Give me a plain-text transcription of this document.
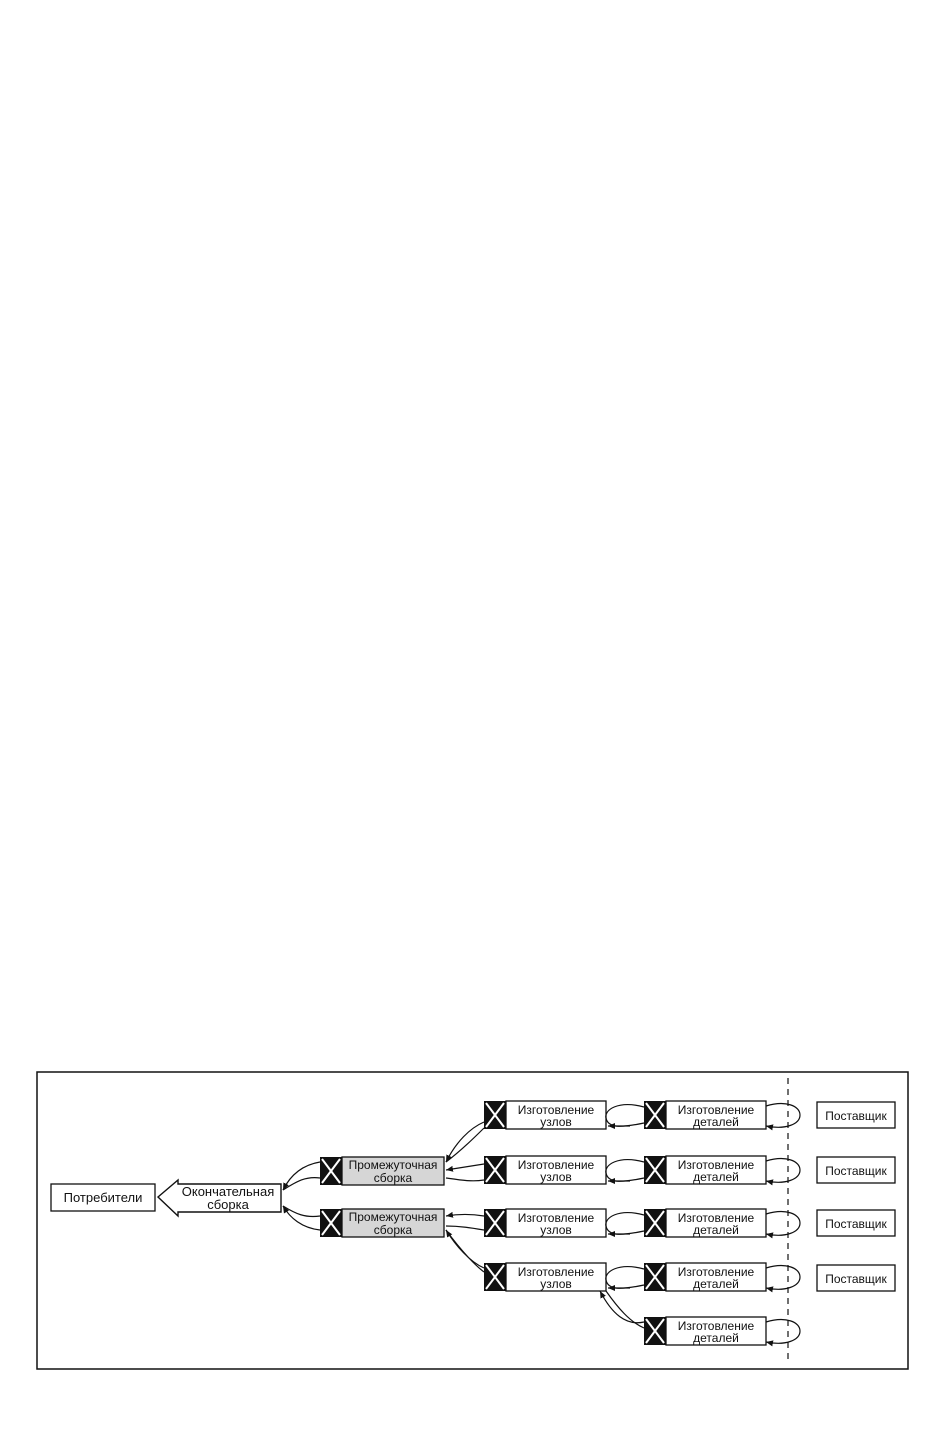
Потребители	Окончательная
сборка
Промежуточная
сборка
Промежуточная
сборка
Изготовление
узлов
Изготовление
узлов
Изготовление
узлов
Изготовление
узлов
Изготовление
деталей
Изготовление
деталей
Изготовление
деталей
Изготовление
деталей
Изготовление
деталей
Поставщик
Поставщик
Поставщик
Поставщик
